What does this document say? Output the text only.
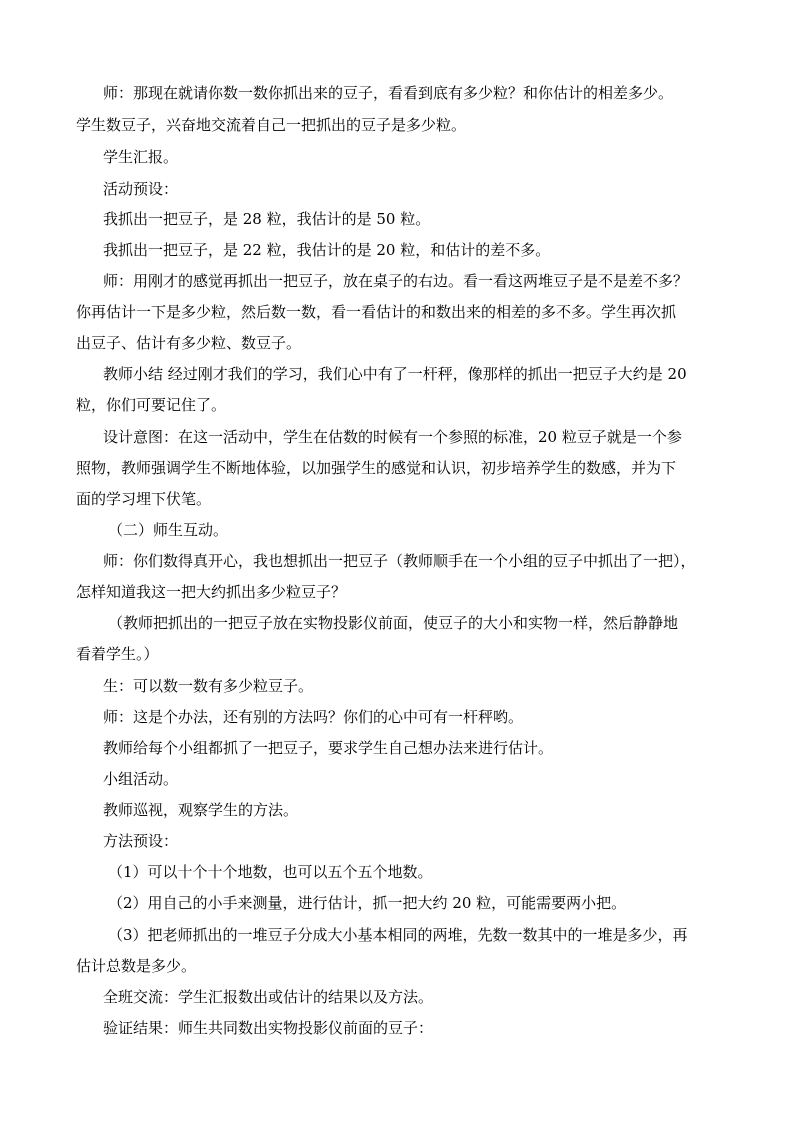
师：那现在就请你数一数你抓出来的豆子，看看到底有多少粒？和你估计的相差多少。
学生数豆子，兴奋地交流着自己一把抓出的豆子是多少粒。
学生汇报。
活动预设：
我抓出一把豆子，是 28 粒，我估计的是 50 粒。
我抓出一把豆子，是 22 粒，我估计的是 20 粒，和估计的差不多。
师：用刚才的感觉再抓出一把豆子，放在桌子的右边。看一看这两堆豆子是不是差不多？
你再估计一下是多少粒，然后数一数，看一看估计的和数出来的相差的多不多。学生再次抓
出豆子、估计有多少粒、数豆子。
教师小结 经过刚才我们的学习，我们心中有了一杆秤，像那样的抓出一把豆子大约是 20
粒，你们可要记住了。
设计意图：在这一活动中，学生在估数的时候有一个参照的标准，20 粒豆子就是一个参
照物，教师强调学生不断地体验，以加强学生的感觉和认识，初步培养学生的数感，并为下
面的学习埋下伏笔。
（二）师生互动。
师：你们数得真开心，我也想抓出一把豆子（教师顺手在一个小组的豆子中抓出了一把），
怎样知道我这一把大约抓出多少粒豆子？
（教师把抓出的一把豆子放在实物投影仪前面，使豆子的大小和实物一样，然后静静地
看着学生。）
生：可以数一数有多少粒豆子。
师：这是个办法，还有别的方法吗？你们的心中可有一杆秤哟。
教师给每个小组都抓了一把豆子，要求学生自己想办法来进行估计。
小组活动。
教师巡视，观察学生的方法。
方法预设：
（1）可以十个十个地数，也可以五个五个地数。
（2）用自己的小手来测量，进行估计，抓一把大约 20 粒，可能需要两小把。
（3）把老师抓出的一堆豆子分成大小基本相同的两堆，先数一数其中的一堆是多少，再
估计总数是多少。
全班交流：学生汇报数出或估计的结果以及方法。
验证结果：师生共同数出实物投影仪前面的豆子：
